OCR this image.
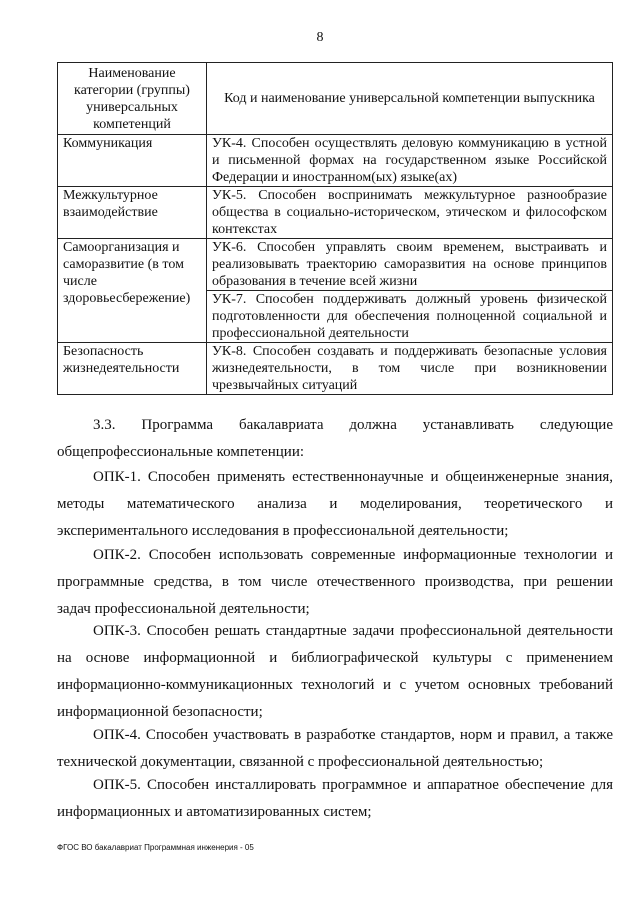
8
Наименование категории (группы) универсальных компетенций	Код и наименование универсальной компетенции выпускника
Коммуникация	УК-4. Способен осуществлять деловую коммуникацию в устной и письменной формах на государственном языке Российской Федерации и иностранном(ых) языке(ах)

Межкультурное взаимодействие	УК-5. Способен воспринимать межкультурное разнообразие общества в социально-историческом, этическом и философском контекстах

Самоорганизация и саморазвитие (в том числе здоровьесбережение)	УК-6. Способен управлять своим временем, выстраивать и реализовывать траекторию саморазвития на основе принципов образования в течение всей жизни

	УК-7. Способен поддерживать должный уровень физической подготовленности для обеспечения полноценной социальной и профессиональной деятельности

Безопасность жизнедеятельности	УК-8. Способен создавать и поддерживать безопасные условия жизнедеятельности, в том числе при возникновении чрезвычайных ситуаций
3.3. Программа бакалавриата должна устанавливать следующие
общепрофессиональные компетенции:
ОПК-1. Способен применять естественнонаучные и общеинженерные знания,
методы математического анализа и моделирования, теоретического и
экспериментального исследования в профессиональной деятельности;
ОПК-2. Способен использовать современные информационные технологии и
программные средства, в том числе отечественного производства, при решении
задач профессиональной деятельности;
ОПК-3. Способен решать стандартные задачи профессиональной деятельности
на основе информационной и библиографической культуры с применением
информационно-коммуникационных технологий и с учетом основных требований
информационной безопасности;
ОПК-4. Способен участвовать в разработке стандартов, норм и правил, а также
технической документации, связанной с профессиональной деятельностью;
ОПК-5. Способен инсталлировать программное и аппаратное обеспечение для
информационных и автоматизированных систем;
ФГОС ВО бакалавриат Программная инженерия - 05
